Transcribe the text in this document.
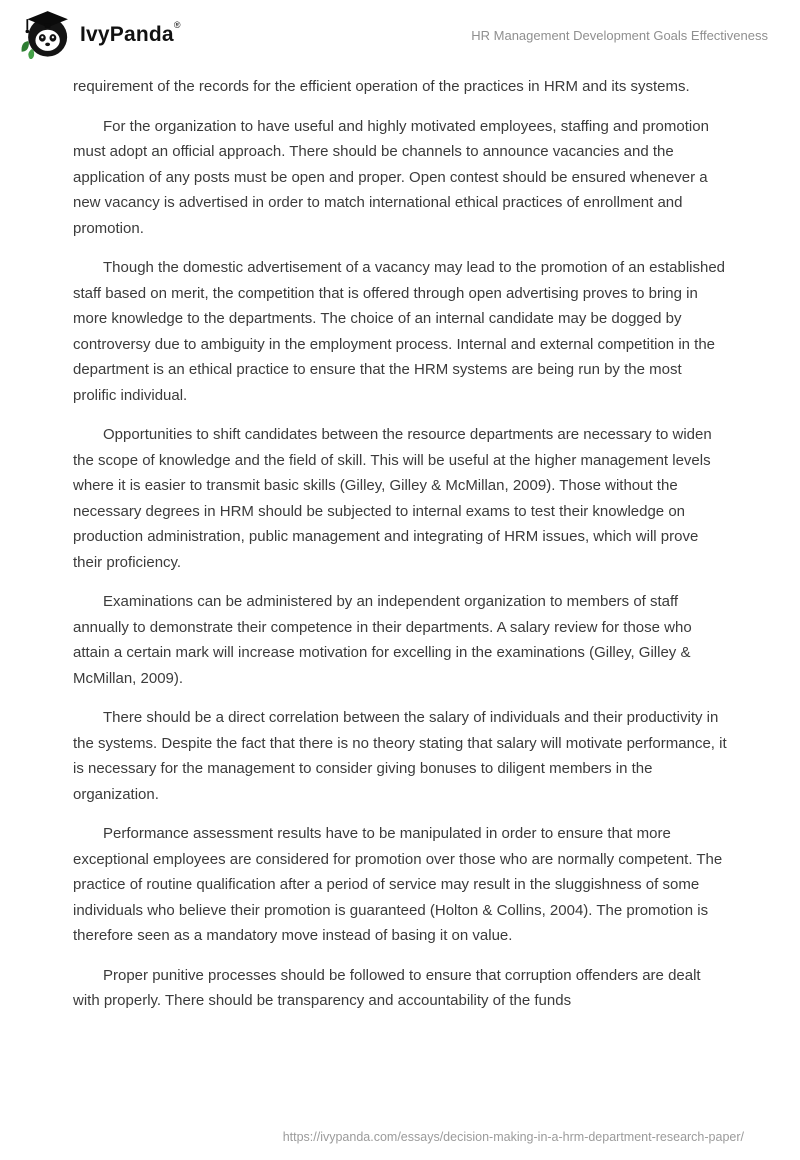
IvyPanda®
HR Management Development Goals Effectiveness

requirement of the records for the efficient operation of the practices in HRM and its systems.

For the organization to have useful and highly motivated employees, staffing and promotion must adopt an official approach. There should be channels to announce vacancies and the application of any posts must be open and proper. Open contest should be ensured whenever a new vacancy is advertised in order to match international ethical practices of enrollment and promotion.

Though the domestic advertisement of a vacancy may lead to the promotion of an established staff based on merit, the competition that is offered through open advertising proves to bring in more knowledge to the departments. The choice of an internal candidate may be dogged by controversy due to ambiguity in the employment process. Internal and external competition in the department is an ethical practice to ensure that the HRM systems are being run by the most prolific individual.

Opportunities to shift candidates between the resource departments are necessary to widen the scope of knowledge and the field of skill. This will be useful at the higher management levels where it is easier to transmit basic skills (Gilley, Gilley & McMillan, 2009). Those without the necessary degrees in HRM should be subjected to internal exams to test their knowledge on production administration, public management and integrating of HRM issues, which will prove their proficiency.

Examinations can be administered by an independent organization to members of staff annually to demonstrate their competence in their departments. A salary review for those who attain a certain mark will increase motivation for excelling in the examinations (Gilley, Gilley & McMillan, 2009).

There should be a direct correlation between the salary of individuals and their productivity in the systems. Despite the fact that there is no theory stating that salary will motivate performance, it is necessary for the management to consider giving bonuses to diligent members in the organization.

Performance assessment results have to be manipulated in order to ensure that more exceptional employees are considered for promotion over those who are normally competent. The practice of routine qualification after a period of service may result in the sluggishness of some individuals who believe their promotion is guaranteed (Holton & Collins, 2004). The promotion is therefore seen as a mandatory move instead of basing it on value.

Proper punitive processes should be followed to ensure that corruption offenders are dealt with properly. There should be transparency and accountability of the funds

https://ivypanda.com/essays/decision-making-in-a-hrm-department-research-paper/
